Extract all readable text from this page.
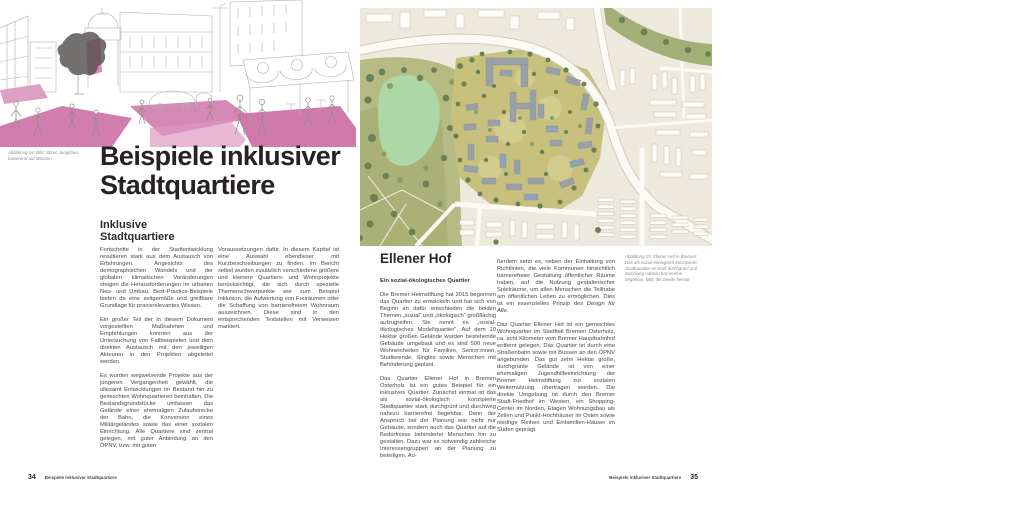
Abbildung 24: Bild: Sören Jungclaus basierend auf Marston	Beispiele inklusiver
Stadtquartiere
Inklusive
Stadtquartiere

Fortschritte in der Stadtentwicklung resultieren stark aus dem Austausch von Erfahrungen. Angesichts des demographischen Wandels und der globalen klimatischen Veränderungen steigen die Herausforderungen im urbanen Neu- und Umbau. Best-Practice-Beispiele bieten da eine zeitgemäße und greifbare Grundlage für praxisrelevantes Wissen.

Ein großer Teil der in diesem Dokument vorgestellten Maßnahmen und Empfehlungen konnten aus der Untersuchung von Fallbeispielen und dem direkten Austausch mit den jeweiligen Akteuren in den Projekten abgeleitet werden.

Es wurden wegweisende Projekte aus der jüngeren Vergangenheit gewählt, die allesamt Entwicklungen im Bestand hin zu gemischten Wohnquartieren beinhalten. Die Bestandsgrundstücke umfassen das Gelände einer ehemaligen Zulaufstrecke der Bahn, die Konversion eines Militärgeländes sowie das einer sozialen Einrichtung. Alle Quartiere sind zentral gelegen, mit guter Anbindung an den ÖPNV, bzw. mit guten

Voraussetzungen dafür. In diesem Kapitel ist eine Auswahl ebendieser mit Kurzbeschreibungen zu finden. Im Bericht selbst wurden zusätzlich verschiedene größere und kleinere Quartiers- und Wohnprojekte berücksichtigt, die sich durch spezielle Themenschwerpunkte wie zum Beispiel Inklusion, die Aufwertung von Freiräumen oder die Schaffung von barrierefreiem Wohnraum auszeichnen. Diese sind in den entsprechenden Textstellen mit Verweisen markiert.

34 Beispiele inklusiver Stadtquartiere
Ellener Hof

Ein sozial-ökologisches Quartier

Die Bremer Heimstiftung hat 2015 begonnen das Quartier zu entwickeln und hat sich von Beginn an dafür entschieden die beiden Themen „sozial“ und „ökologisch“ großflächig aufzugreifen. Sie nennt es „sozial-ökologisches Modellquartier“. Auf dem 10 Hektar großen Gelände wurden bestehende Gebäude umgebaut und es sind 500 neue Wohneinheiten für Familien, Senior:innen, Studierende, Singles sowie Menschen mit Behinderung geplant.

Das Quartier Ellener Hof in Bremen Osterholz ist ein gutes Beispiel für ein inklusives Quartier. Zunächst einmal ist das als sozial-ökologisch konzipierte Stadtquartier stark durchgrünt und durchweg nahezu barrierefrei begehbar. Denn der Anspruch bei der Planung war nicht nur Gebäude, sondern auch das Quartier auf die Bedürfnisse behinderter Menschen hin zu gestalten. Dazu war es notwendig zahlreiche Interessengruppen an der Planung zu beteiligen. Au-

ßerdem setzt es, neben der Einhaltung von Richtlinien, die viele Kommunen hinsichtlich barrierefreier Gestaltung öffentlicher Räume haben, auf die Nutzung gestalterischer Spielräume, um allen Menschen die Teilhabe am öffentlichen Leben zu ermöglichen. Dies ist ein essenzielles Prinzip des Design für Alle.

Das Quartier Ellener Hof ist ein gemischtes Wohnquartier im Stadtteil Bremen Osterholz, ca. acht Kilometer vom Bremer Hauptbahnhof entfernt gelegen. Das Quartier ist durch eine Straßenbahn sowie mit Bussen an den ÖPNV angebunden. Das gut zehn Hektar große, durchgrünte Gelände ist von einer ehemaligen Jugendhilfeeinrichtung der Bremer Heimstiftung zur sozialen Weiternutzung übertragen worden. Die direkte Umgebung ist durch den Bremer Stadt-Friedhof im Westen, ein Shopping-Center im Norden, Etagen Wohnungsbau als Zeilen und Punkt-Hochhäuser im Osten sowie niedrige Reihen und Einfamilien-Häuser im Süden geprägt.

Abbildung 25: Ellener Hof in Bremen: Das als sozial-ökologisch konzipierte Stadtquartier ist stark durchgrünt und durchweg nahezu barrierefrei begehbar. Bild: die zweite heimat
Beispiele inklusiver Stadtquartiere 35
